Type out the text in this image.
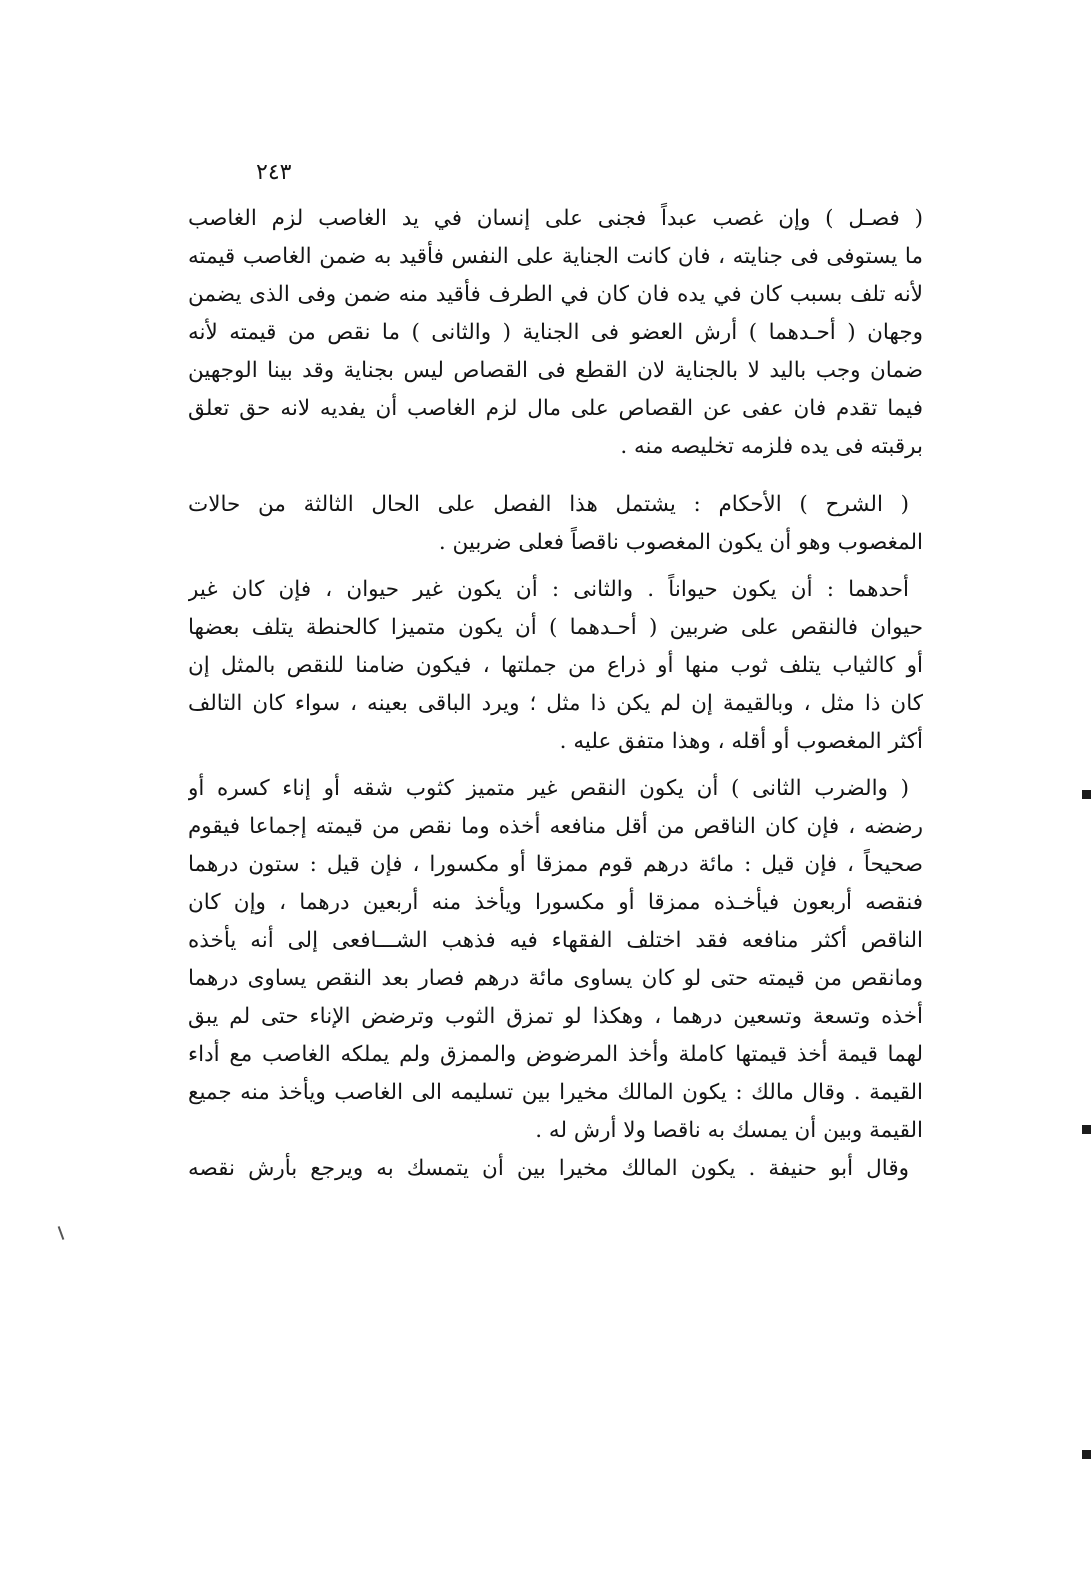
٢٤٣
( فصـل ) وإن غصب عبداً فجنى على إنسان في يد الغاصب لزم الغاصب
ما يستوفى فى جنايته ، فان كانت الجناية على النفس فأقيد به ضمن الغاصب قيمته
لأنه تلف بسبب كان في يده فان كان في الطرف فأقيد منه ضمن وفى الذى يضمن
وجهان ( أحـدهما ) أرش العضو فى الجناية ( والثانى ) ما نقص من قيمته لأنه
ضمان وجب باليد لا بالجناية لان القطع فى القصاص ليس بجناية وقد بينا الوجهين
فيما تقدم فان عفى عن القصاص على مال لزم الغاصب أن يفديه لانه حق تعلق
برقبته فى يده فلزمه تخليصه منه .
( الشرح ) الأحكام : يشتمل هذا الفصل على الحال الثالثة من حالات
المغصوب وهو أن يكون المغصوب ناقصاً فعلى ضربين .
أحدهما : أن يكون حيواناً . والثانى : أن يكون غير حيوان ، فإن كان غير
حيوان فالنقص على ضربين ( أحـدهما ) أن يكون متميزا كالحنطة يتلف بعضها
أو كالثياب يتلف ثوب منها أو ذراع من جملتها ، فيكون ضامنا للنقص بالمثل إن
كان ذا مثل ، وبالقيمة إن لم يكن ذا مثل ؛ ويرد الباقى بعينه ، سواء كان التالف
أكثر المغصوب أو أقله ، وهذا متفق عليه .
( والضرب الثانى ) أن يكون النقص غير متميز كثوب شقه أو إناء كسره أو
رضضه ، فإن كان الناقص من أقل منافعه أخذه وما نقص من قيمته إجماعا فيقوم
صحيحاً ، فإن قيل : مائة درهم قوم ممزقا أو مكسورا ، فإن قيل : ستون درهما
فنقصه أربعون فيأخـذه ممزقا أو مكسورا ويأخذ منه أربعين درهما ، وإن كان
الناقص أكثر منافعه فقد اختلف الفقهاء فيه فذهب الشـــافعى إلى أنه يأخذه
ومانقص من قيمته حتى لو كان يساوى مائة درهم فصار بعد النقص يساوى درهما
أخذه وتسعة وتسعين درهما ، وهكذا لو تمزق الثوب وترضض الإناء حتى لم يبق
لهما قيمة أخذ قيمتها كاملة وأخذ المرضوض والممزق ولم يملكه الغاصب مع أداء
القيمة . وقال مالك : يكون المالك مخيرا بين تسليمه الى الغاصب ويأخذ منه جميع
القيمة وبين أن يمسك به ناقصا ولا أرش له .
وقال أبو حنيفة . يكون المالك مخيرا بين أن يتمسك به ويرجع بأرش نقصه
